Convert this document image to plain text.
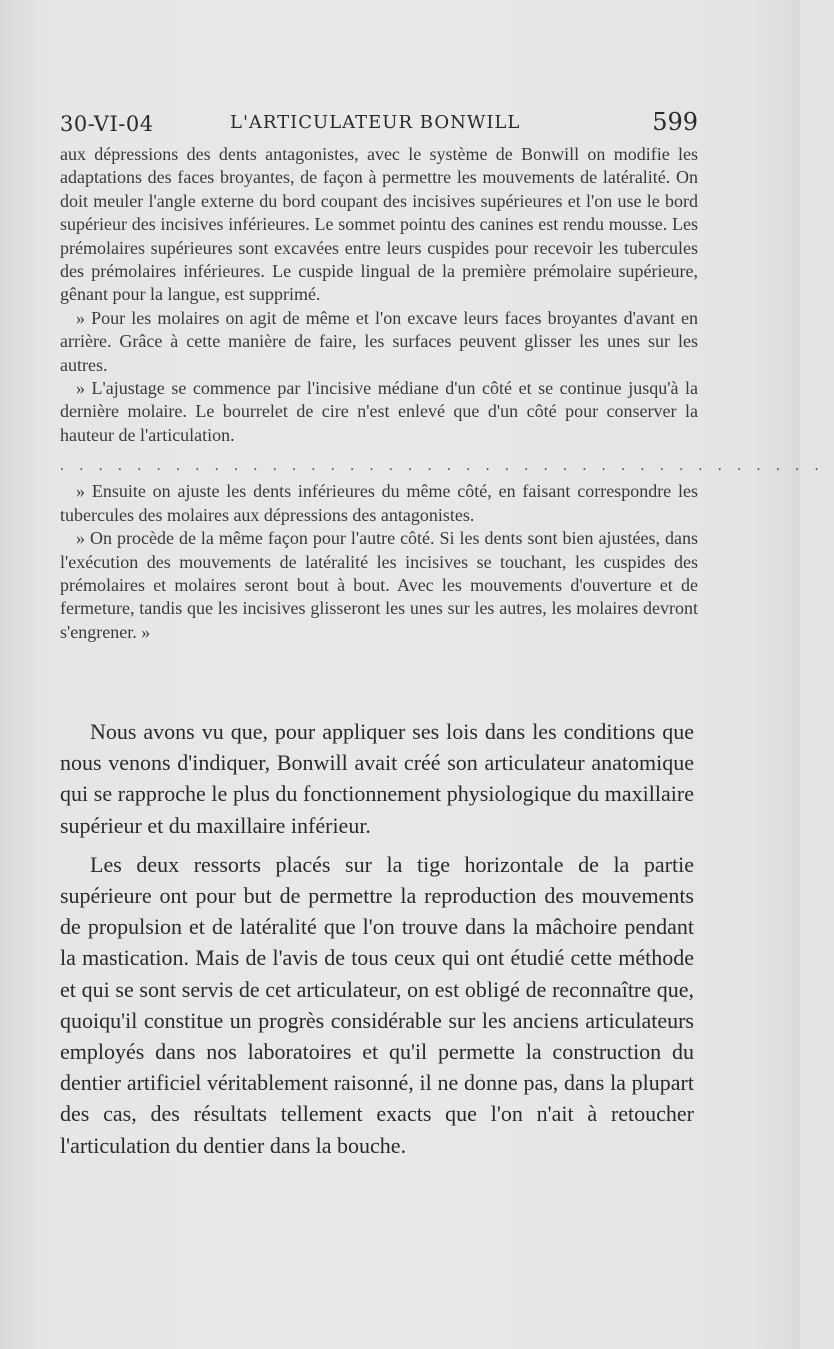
30-VI-04	L'ARTICULATEUR BONWILL	599

aux dépressions des dents antagonistes, avec le système de Bonwill on modifie les adaptations des faces broyantes, de façon à permettre les mouvements de latéralité. On doit meuler l'angle externe du bord coupant des incisives supérieures et l'on use le bord supérieur des incisives inférieures. Le sommet pointu des canines est rendu mousse. Les prémolaires supérieures sont excavées entre leurs cuspides pour recevoir les tubercules des prémolaires inférieures. Le cuspide lingual de la première prémolaire supérieure, gênant pour la langue, est supprimé.

» Pour les molaires on agit de même et l'on excave leurs faces broyantes d'avant en arrière. Grâce à cette manière de faire, les surfaces peuvent glisser les unes sur les autres.

» L'ajustage se commence par l'incisive médiane d'un côté et se continue jusqu'à la dernière molaire. Le bourrelet de cire n'est enlevé que d'un côté pour conserver la hauteur de l'articulation.

........................................

» Ensuite on ajuste les dents inférieures du même côté, en faisant correspondre les tubercules des molaires aux dépressions des antagonistes.

» On procède de la même façon pour l'autre côté. Si les dents sont bien ajustées, dans l'exécution des mouvements de latéralité les incisives se touchant, les cuspides des prémolaires et molaires seront bout à bout. Avec les mouvements d'ouverture et de fermeture, tandis que les incisives glisseront les unes sur les autres, les molaires devront s'engrener. »

Nous avons vu que, pour appliquer ses lois dans les conditions que nous venons d'indiquer, Bonwill avait créé son articulateur anatomique qui se rapproche le plus du fonctionnement physiologique du maxillaire supérieur et du maxillaire inférieur.

Les deux ressorts placés sur la tige horizontale de la partie supérieure ont pour but de permettre la reproduction des mouvements de propulsion et de latéralité que l'on trouve dans la mâchoire pendant la mastication. Mais de l'avis de tous ceux qui ont étudié cette méthode et qui se sont servis de cet articulateur, on est obligé de reconnaître que, quoiqu'il constitue un progrès considérable sur les anciens articulateurs employés dans nos laboratoires et qu'il permette la construction du dentier artificiel véritablement raisonné, il ne donne pas, dans la plupart des cas, des résultats tellement exacts que l'on n'ait à retoucher l'articulation du dentier dans la bouche.
